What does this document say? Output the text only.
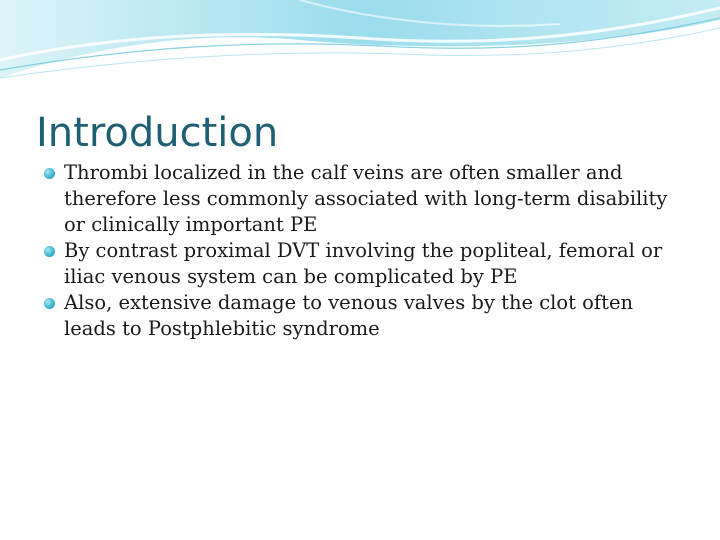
Introduction
Thrombi localized in the calf veins are often smaller and therefore less commonly associated with long-term disability or clinically important PE
By contrast proximal DVT involving the popliteal, femoral or iliac venous system can be complicated by PE
Also, extensive damage to venous valves by the clot often leads to Postphlebitic syndrome
